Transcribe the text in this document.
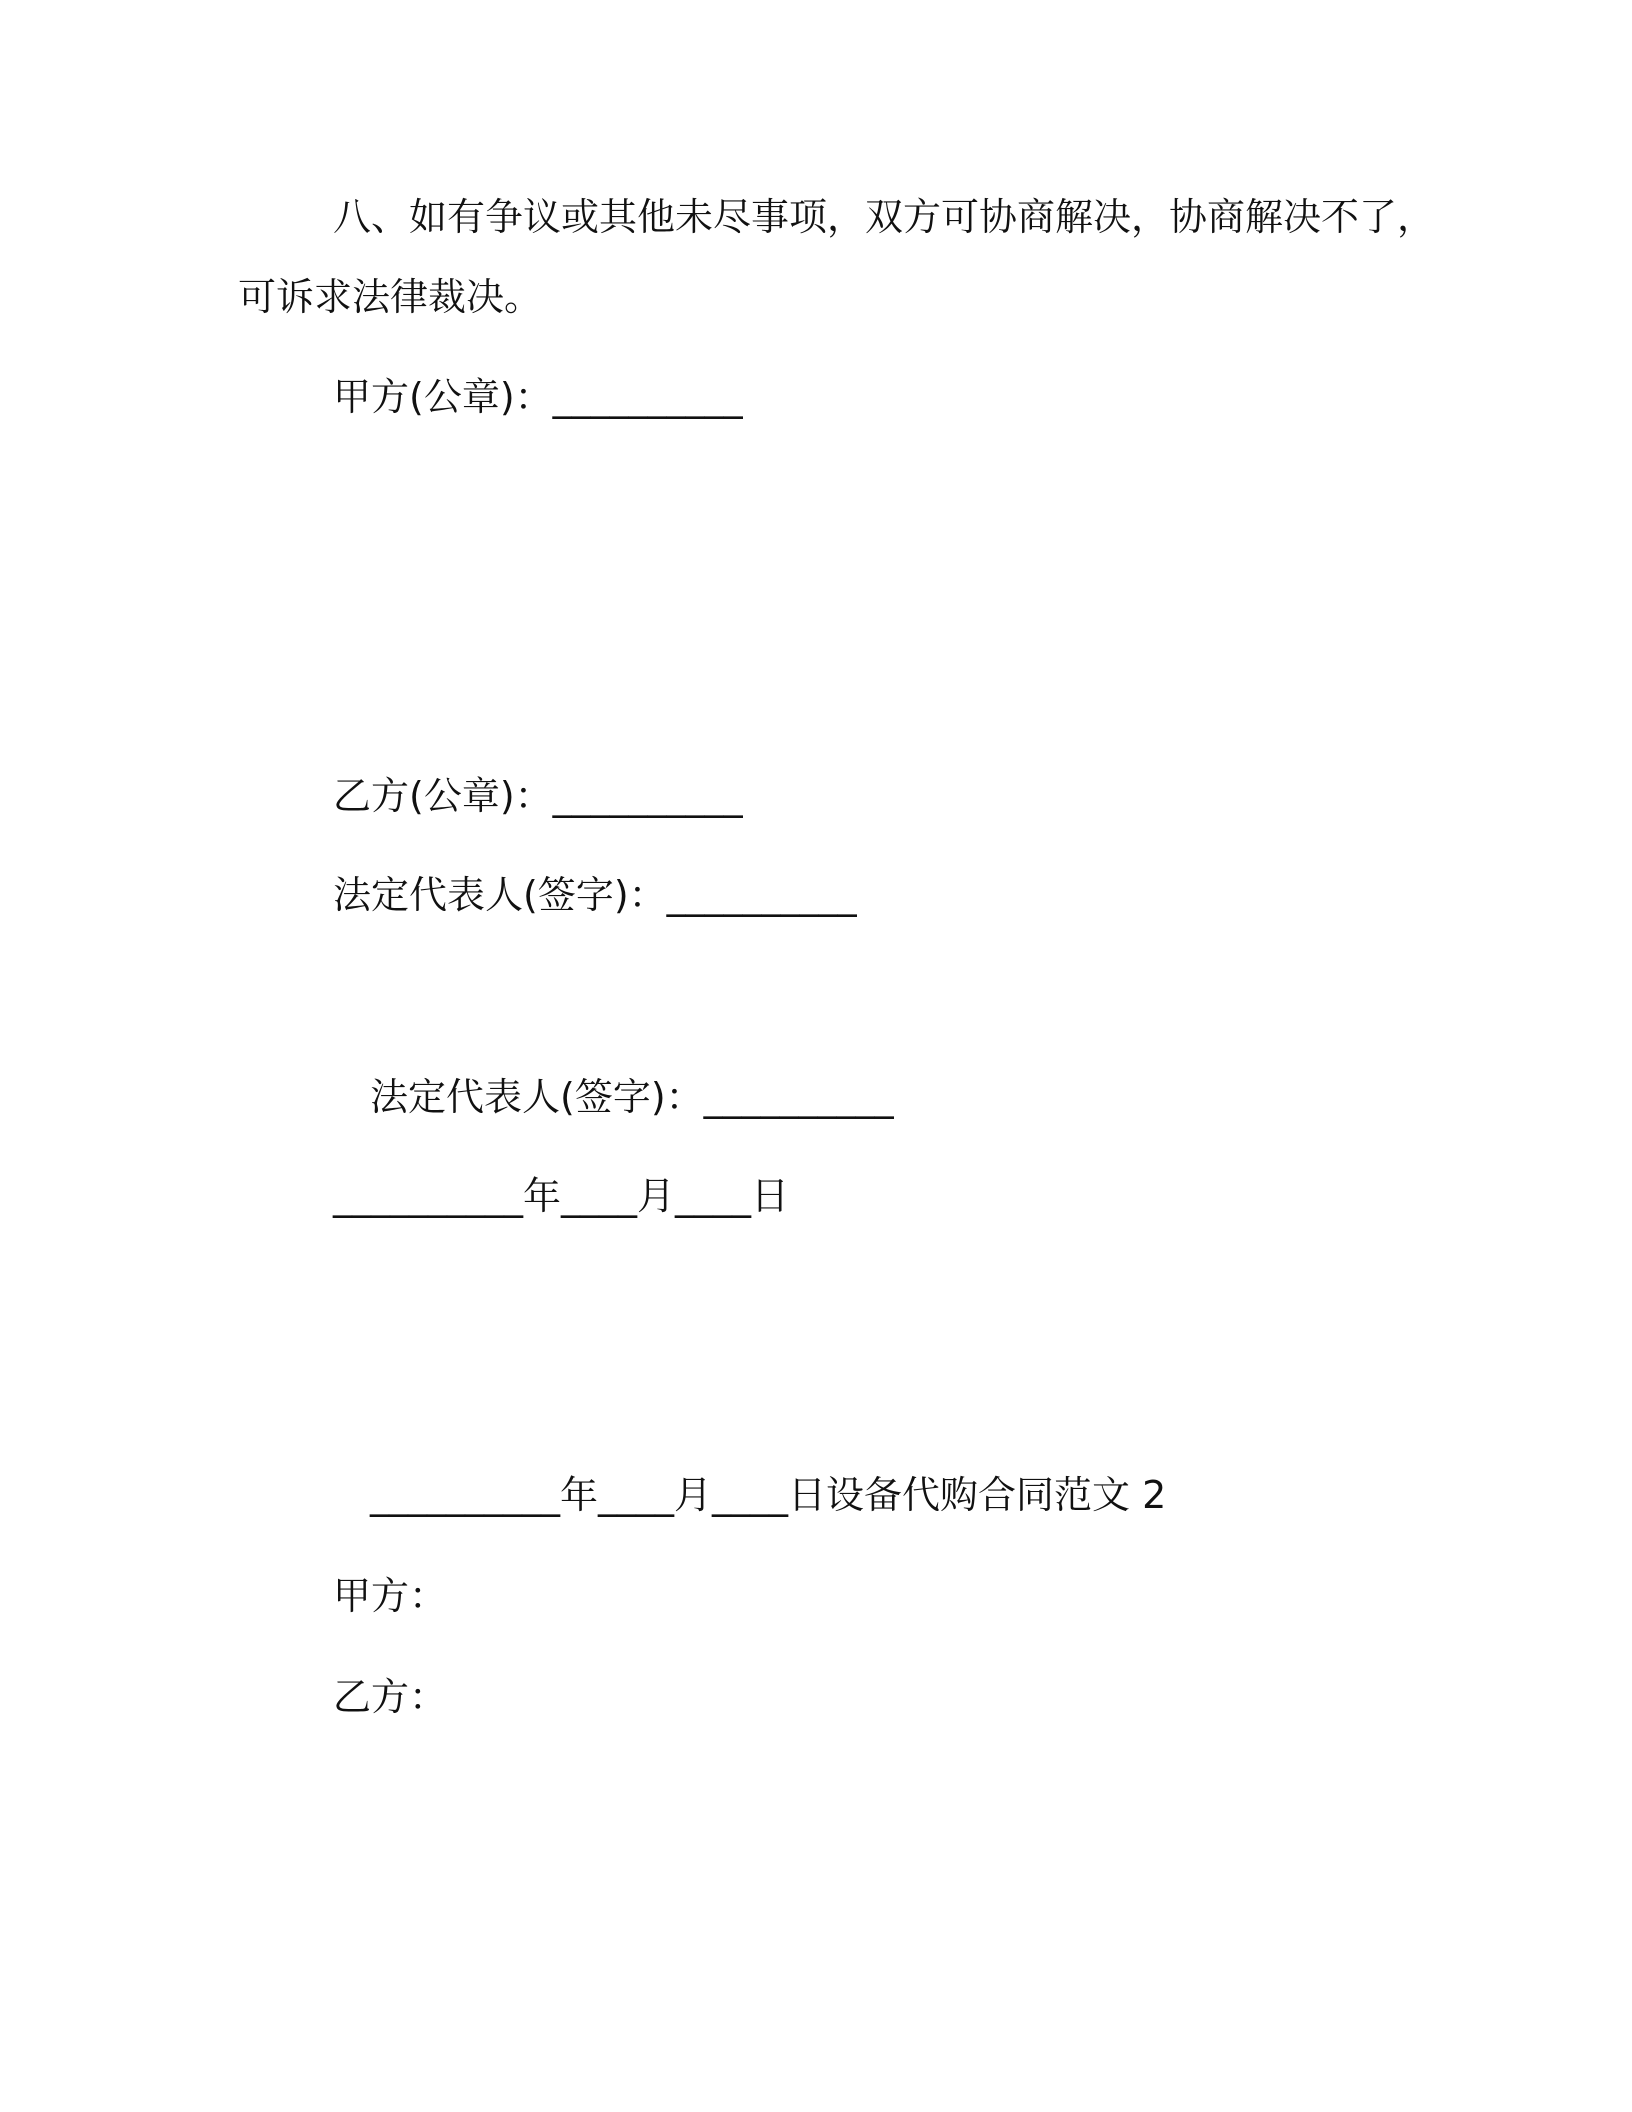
八、如有争议或其他未尽事项，双方可协商解决，协商解决不了，

可诉求法律裁决。

甲方(公章)：__________

乙方(公章)：__________

法定代表人(签字)：__________

法定代表人(签字)：__________

__________年____月____日

__________年____月____日设备代购合同范文 2

甲方：

乙方：
